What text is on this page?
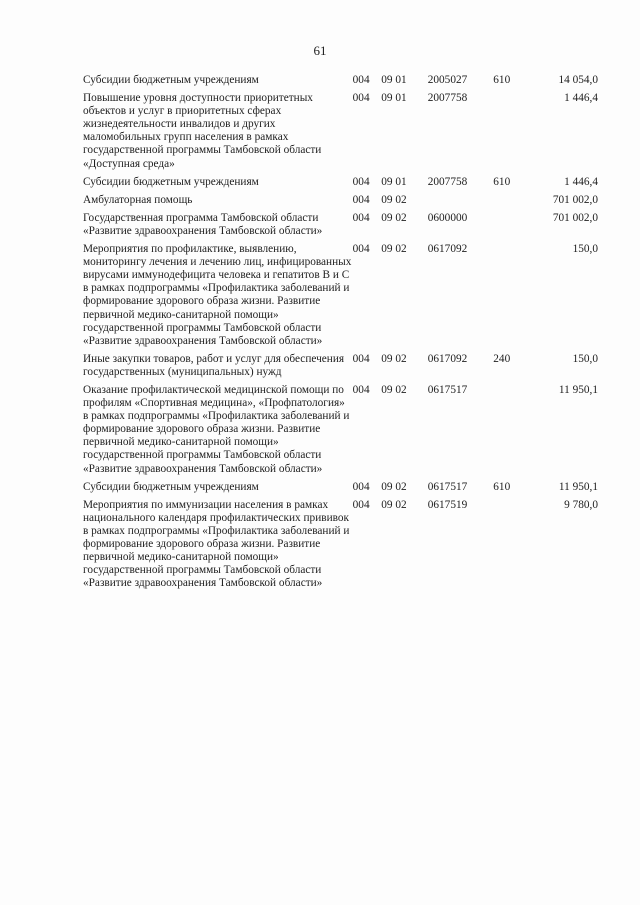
61
Субсидии бюджетным учреждениям	004	09 01	2005027	610	14 054,0
Повышение уровня доступности приоритетных объектов и услуг в приоритетных сферах жизнедеятельности инвалидов и других маломобильных групп населения в рамках государственной программы Тамбовской области «Доступная среда»	004	09 01	2007758		1 446,4
Субсидии бюджетным учреждениям	004	09 01	2007758	610	1 446,4
Амбулаторная помощь	004	09 02			701 002,0
Государственная программа Тамбовской области «Развитие здравоохранения Тамбовской области»	004	09 02	0600000		701 002,0
Мероприятия по профилактике, выявлению, мониторингу лечения и лечению лиц, инфицированных вирусами иммунодефицита человека и гепатитов В и С в рамках подпрограммы «Профилактика заболеваний и формирование здорового образа жизни. Развитие первичной медико-санитарной помощи» государственной программы Тамбовской области «Развитие здравоохранения Тамбовской области»	004	09 02	0617092		150,0
Иные закупки товаров, работ и услуг для обеспечения государственных (муниципальных) нужд	004	09 02	0617092	240	150,0
Оказание профилактической медицинской помощи по профилям «Спортивная медицина», «Профпатология» в рамках подпрограммы «Профилактика заболеваний и формирование здорового образа жизни. Развитие первичной медико-санитарной помощи» государственной программы Тамбовской области «Развитие здравоохранения Тамбовской области»	004	09 02	0617517		11 950,1
Субсидии бюджетным учреждениям	004	09 02	0617517	610	11 950,1
Мероприятия по иммунизации населения в рамках национального календаря профилактических прививок в рамках подпрограммы «Профилактика заболеваний и формирование здорового образа жизни. Развитие первичной медико-санитарной помощи» государственной программы Тамбовской области «Развитие здравоохранения Тамбовской области»	004	09 02	0617519		9 780,0
